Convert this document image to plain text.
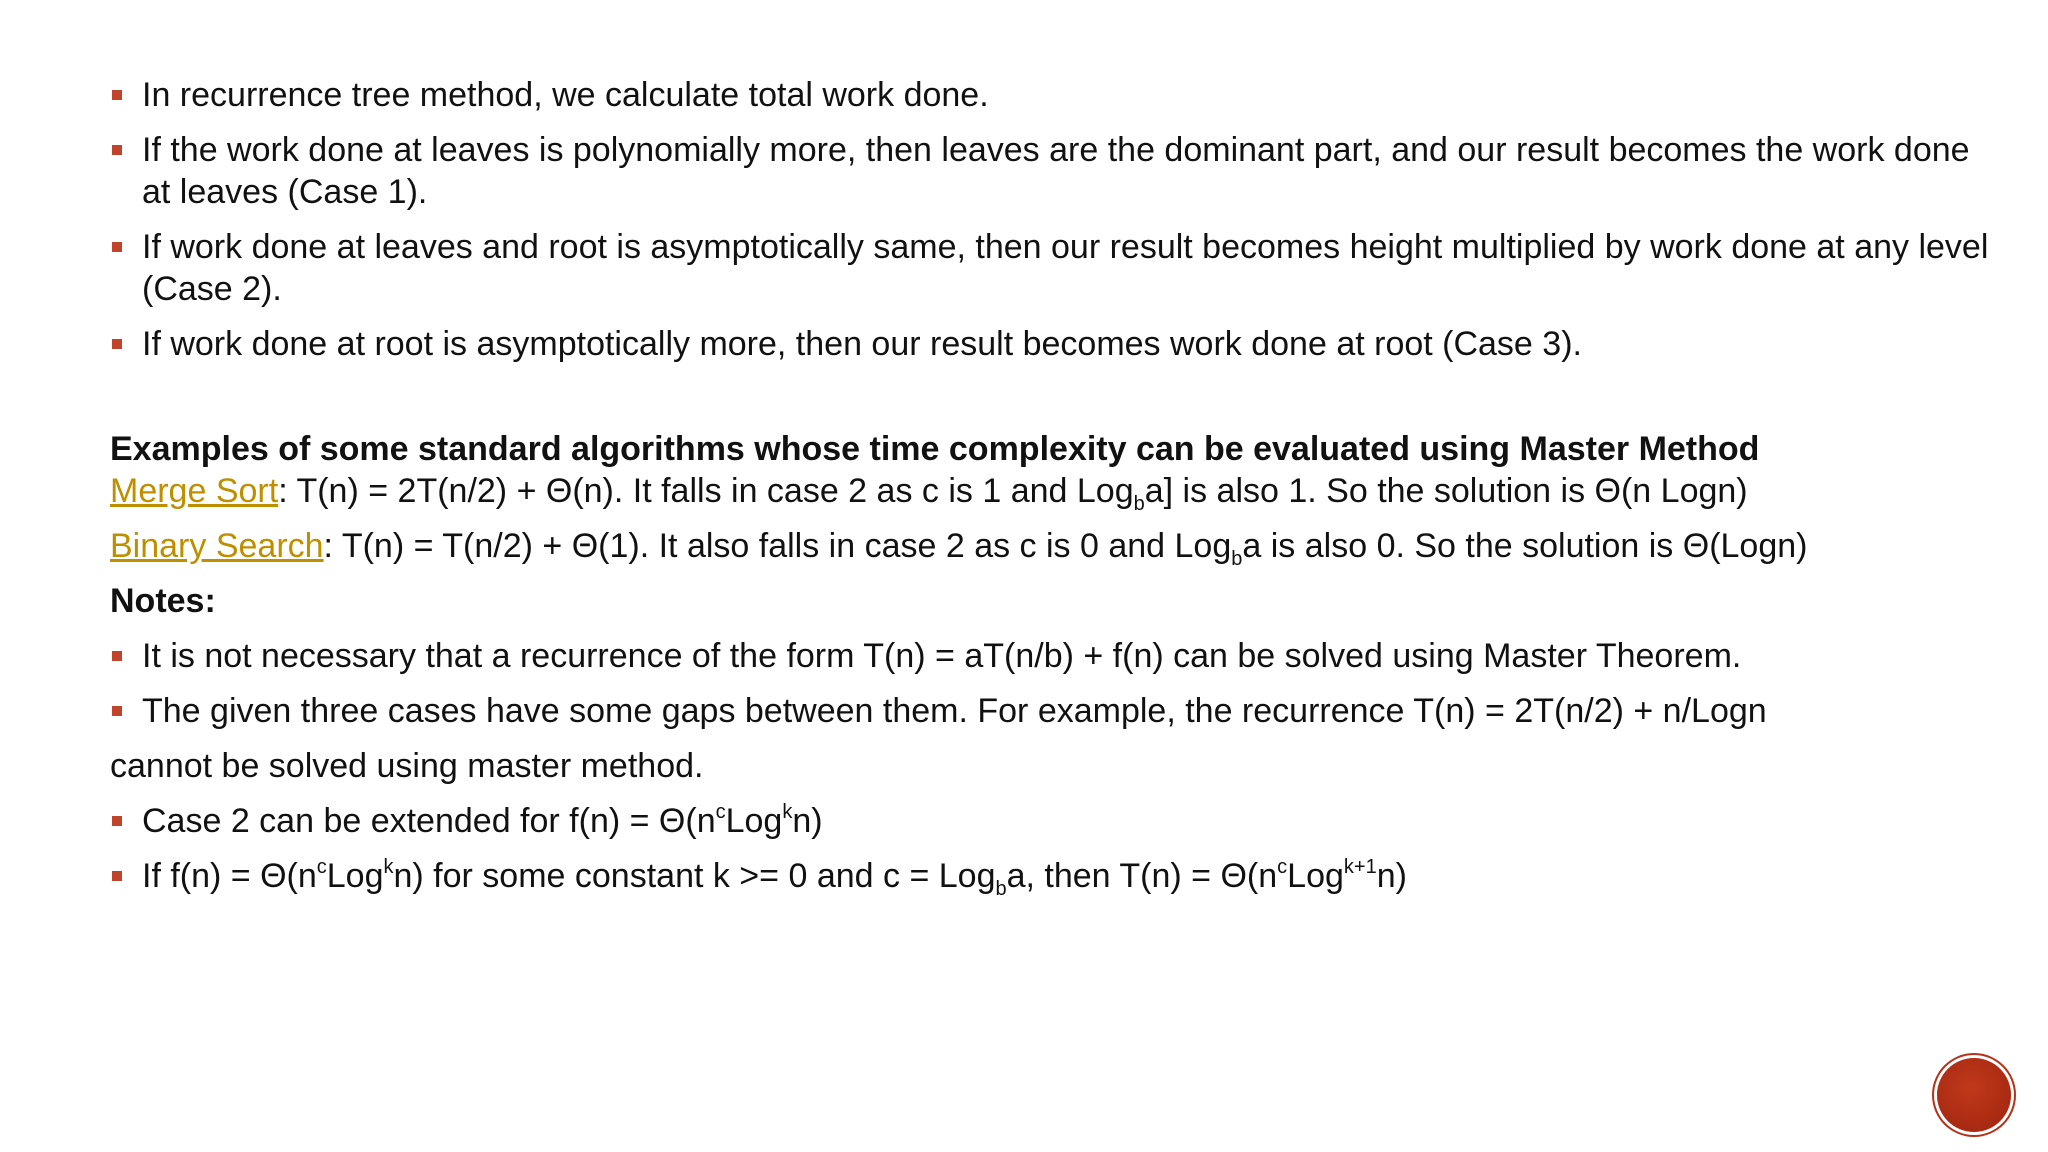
In recurrence tree method, we calculate total work done.
If the work done at leaves is polynomially more, then leaves are the dominant part, and our result becomes the work done at leaves (Case 1).
If work done at leaves and root is asymptotically same, then our result becomes height multiplied by work done at any level (Case 2).
If work done at root is asymptotically more, then our result becomes work done at root (Case 3).

Examples of some standard algorithms whose time complexity can be evaluated using Master Method

Merge Sort: T(n) = 2T(n/2) + Θ(n). It falls in case 2 as c is 1 and Log$_b$a] is also 1. So the solution is Θ(n Logn)

Binary Search: T(n) = T(n/2) + Θ(1). It also falls in case 2 as c is 0 and Log$_b$a is also 0. So the solution is Θ(Logn)

Notes:

It is not necessary that a recurrence of the form T(n) = aT(n/b) + f(n) can be solved using Master Theorem.
The given three cases have some gaps between them. For example, the recurrence T(n) = 2T(n/2) + n/Logn

cannot be solved using master method.

Case 2 can be extended for $f(n) = \Theta(n^cLog^kn)$
If $f(n) = \Theta(n^cLog^kn)$ for some constant k >= 0 and c = Log$_b$a, then $T(n) = \Theta(n^cLog^{k+1}n)$
